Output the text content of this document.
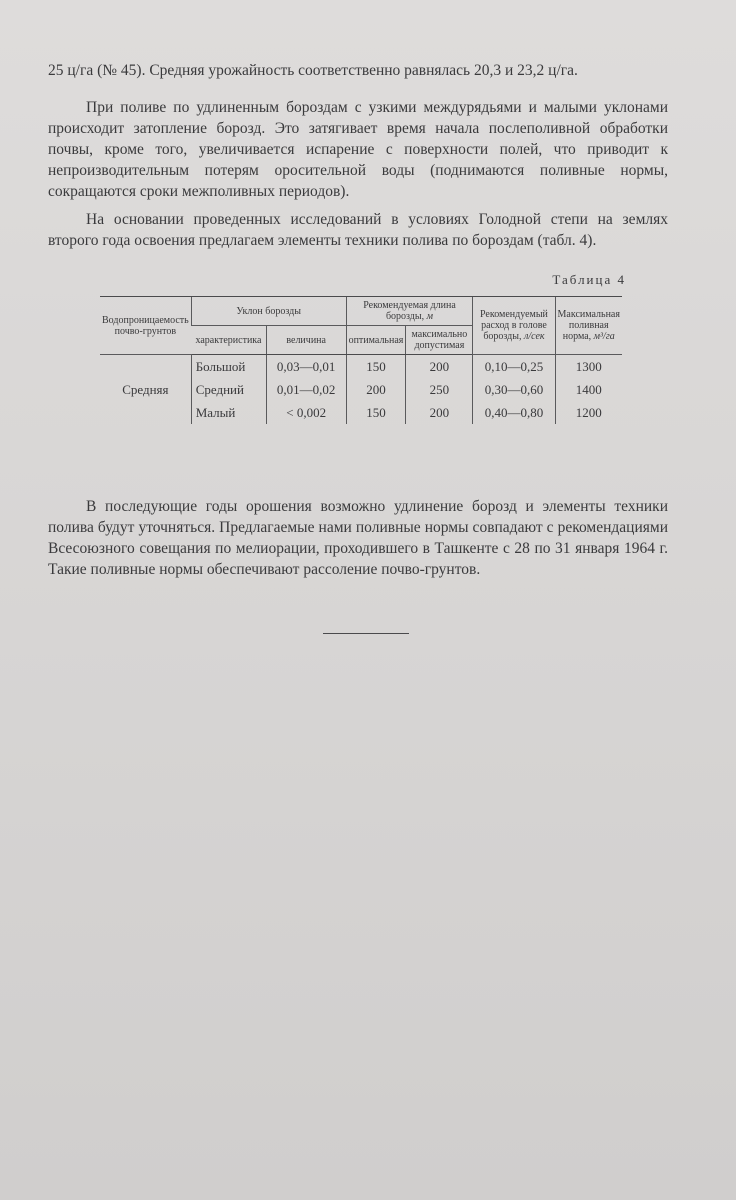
25 ц/га (№ 45). Средняя урожайность соответственно равнялась 20,3 и 23,2 ц/га.

При поливе по удлиненным бороздам с узкими междурядьями и малыми уклонами происходит затопление борозд. Это затягивает время начала послеполивной обработки почвы, кроме того, увеличивается испарение с поверхности полей, что приводит к непроизводительным потерям оросительной воды (поднимаются поливные нормы, сокращаются сроки межполивных периодов).

На основании проведенных исследований в условиях Голодной степи на землях второго года освоения предлагаем элементы техники полива по бороздам (табл. 4).

Таблица 4
Водопроницаемость почво-грунтов	Уклон борозды		Рекомендуемая длина борозды, м		Рекомендуемый расход в голове борозды, л/сек	Максимальная поливная норма, м³/га
	характеристика	величина	оптимальная	максимально допустимая		
Средняя	Большой	0,03—0,01	150	200	0,10—0,25	1300
	Средний	0,01—0,02	200	250	0,30—0,60	1400
	Малый	< 0,002	150	200	0,40—0,80	1200

В последующие годы орошения возможно удлинение борозд и элементы техники полива будут уточняться. Предлагаемые нами поливные нормы совпадают с рекомендациями Всесоюзного совещания по мелиорации, проходившего в Ташкенте с 28 по 31 января 1964 г. Такие поливные нормы обеспечивают рассоление почво-грунтов.
